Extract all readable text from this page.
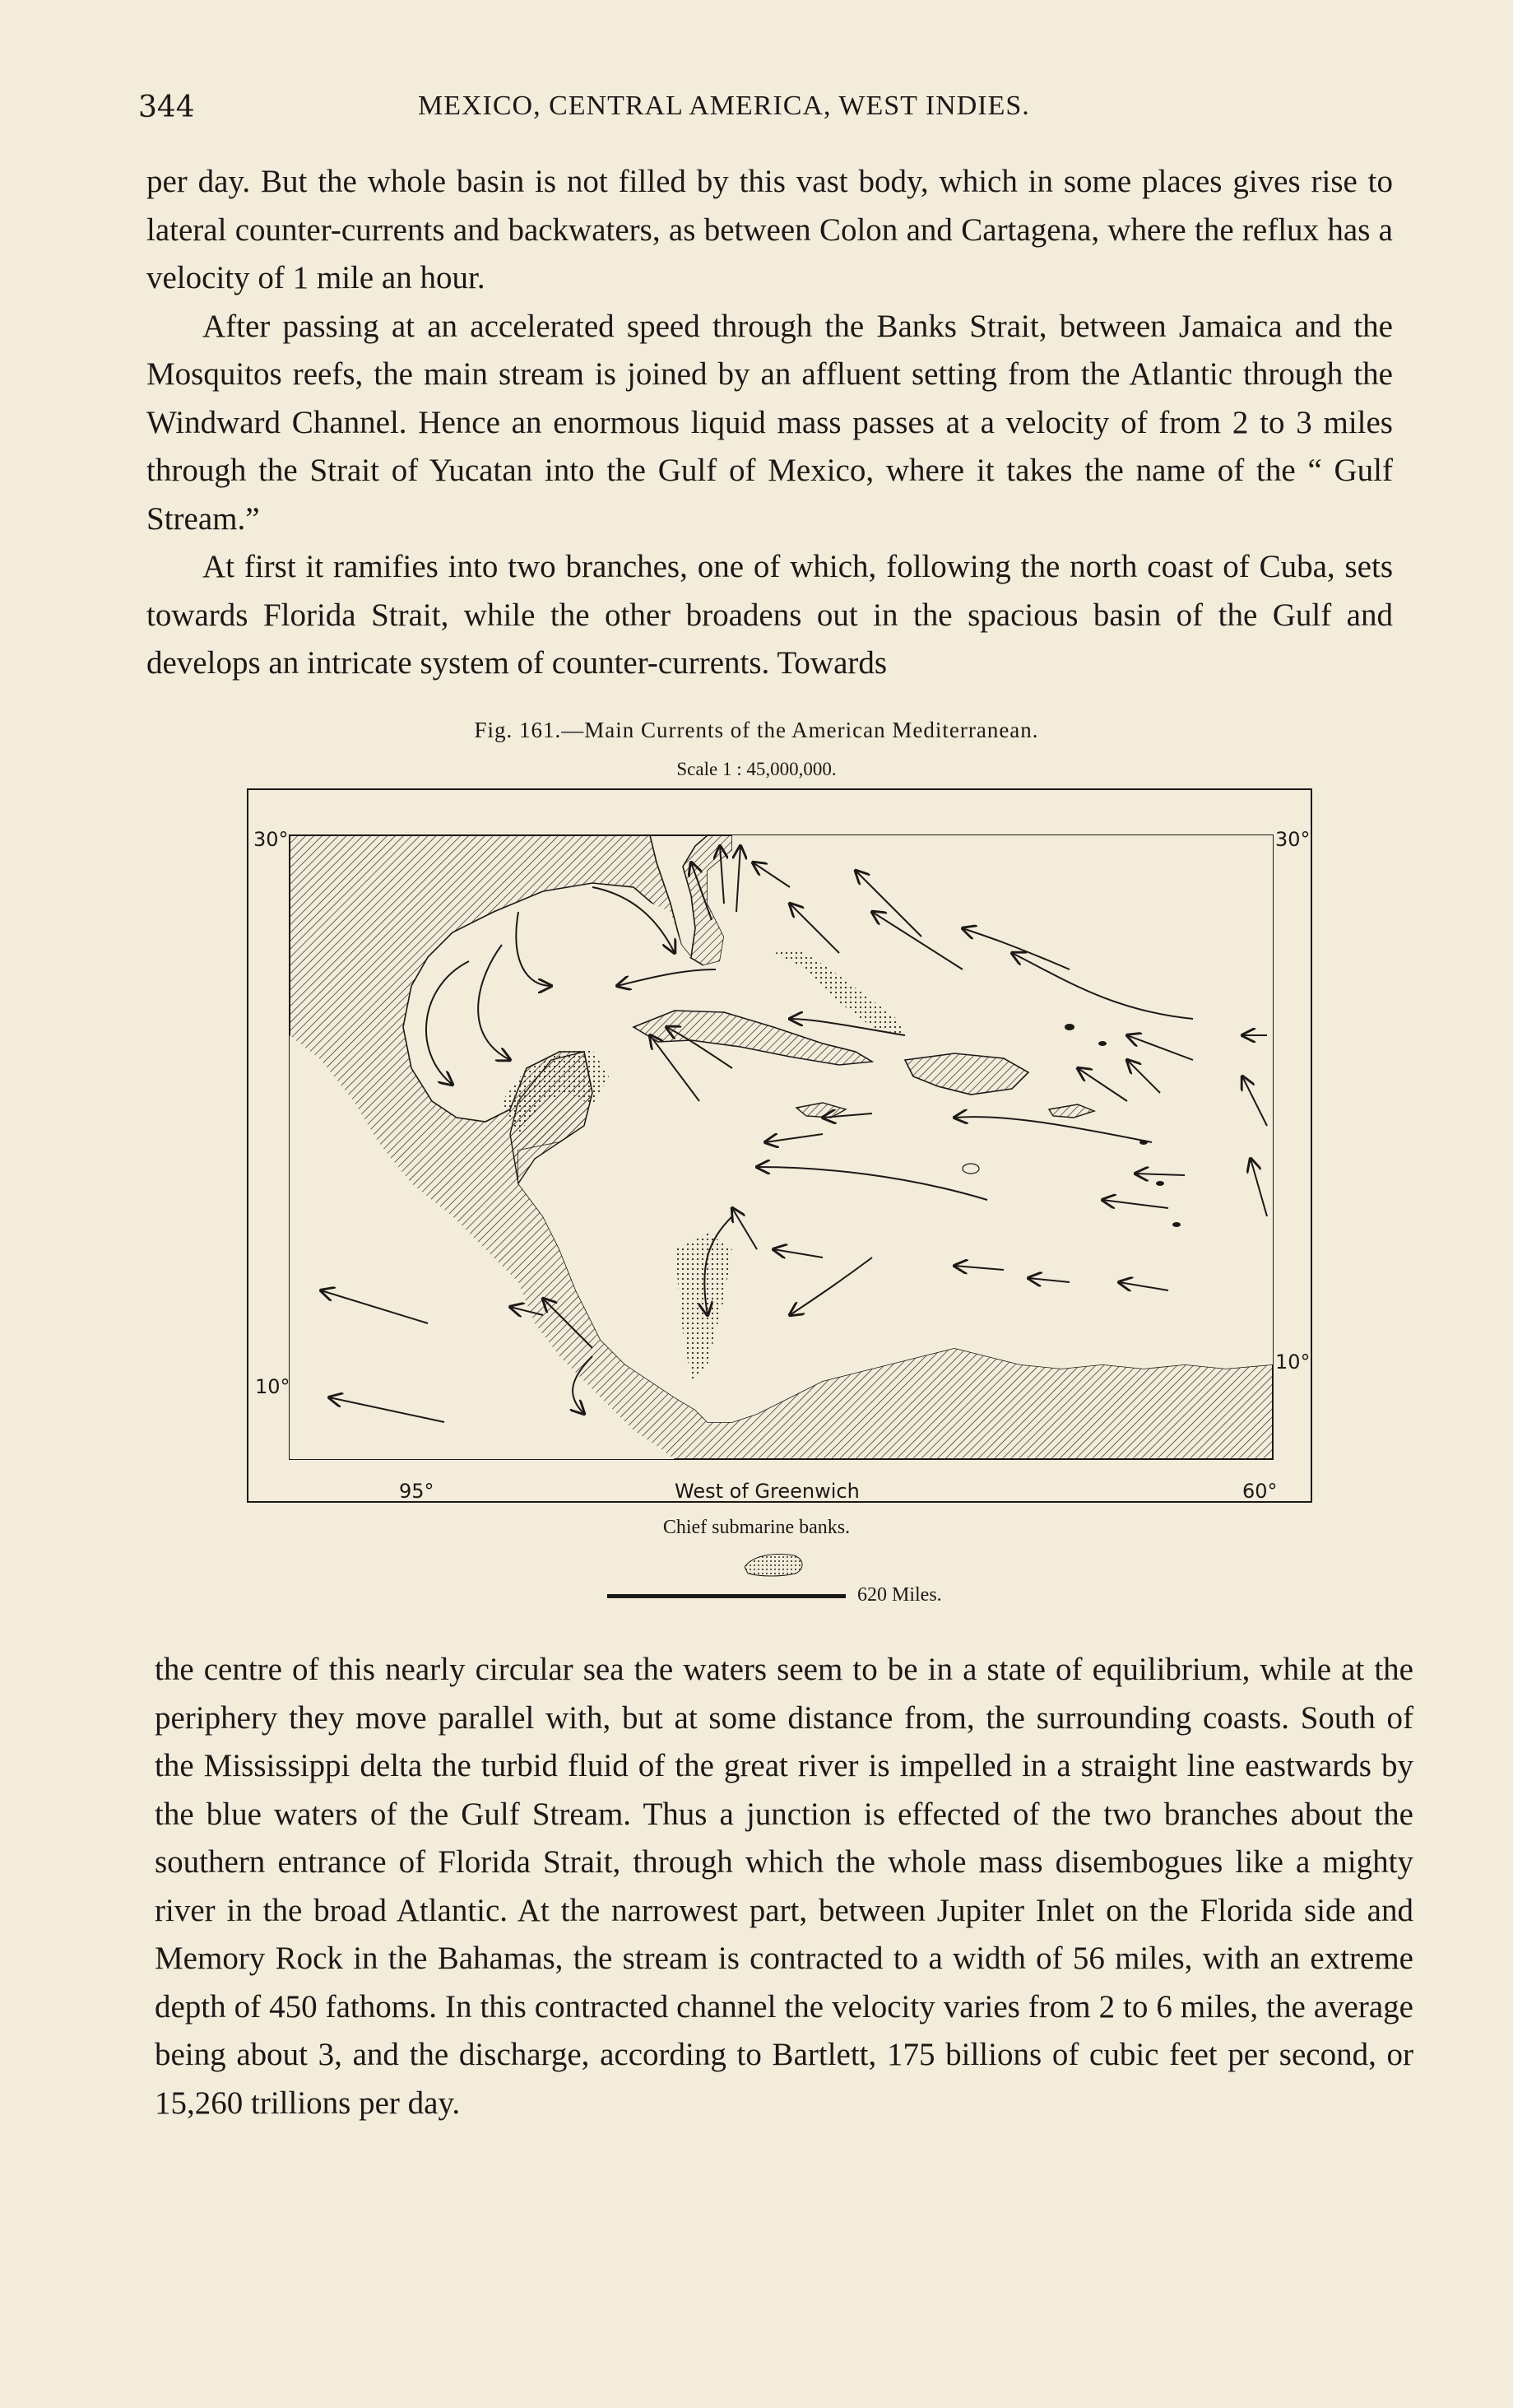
344	MEXICO, CENTRAL AMERICA, WEST INDIES.

per day. But the whole basin is not filled by this vast body, which in some places gives rise to lateral counter-currents and backwaters, as between Colon and Cartagena, where the reflux has a velocity of 1 mile an hour.

After passing at an accelerated speed through the Banks Strait, between Jamaica and the Mosquitos reefs, the main stream is joined by an affluent setting from the Atlantic through the Windward Channel. Hence an enormous liquid mass passes at a velocity of from 2 to 3 miles through the Strait of Yucatan into the Gulf of Mexico, where it takes the name of the “ Gulf Stream.”

At first it ramifies into two branches, one of which, following the north coast of Cuba, sets towards Florida Strait, while the other broadens out in the spacious basin of the Gulf and develops an intricate system of counter-currents. Towards

Fig. 161.—Main Currents of the American Mediterranean.
Scale 1 : 45,000,000.
30°	30°
10°
10°
95°	60°
West of Greenwich
Chief submarine banks.
620 Miles.

the centre of this nearly circular sea the waters seem to be in a state of equilibrium, while at the periphery they move parallel with, but at some distance from, the surrounding coasts. South of the Mississippi delta the turbid fluid of the great river is impelled in a straight line eastwards by the blue waters of the Gulf Stream. Thus a junction is effected of the two branches about the southern entrance of Florida Strait, through which the whole mass disembogues like a mighty river in the broad Atlantic. At the narrowest part, between Jupiter Inlet on the Florida side and Memory Rock in the Bahamas, the stream is contracted to a width of 56 miles, with an extreme depth of 450 fathoms. In this contracted channel the velocity varies from 2 to 6 miles, the average being about 3, and the discharge, according to Bartlett, 175 billions of cubic feet per second, or 15,260 trillions per day.
